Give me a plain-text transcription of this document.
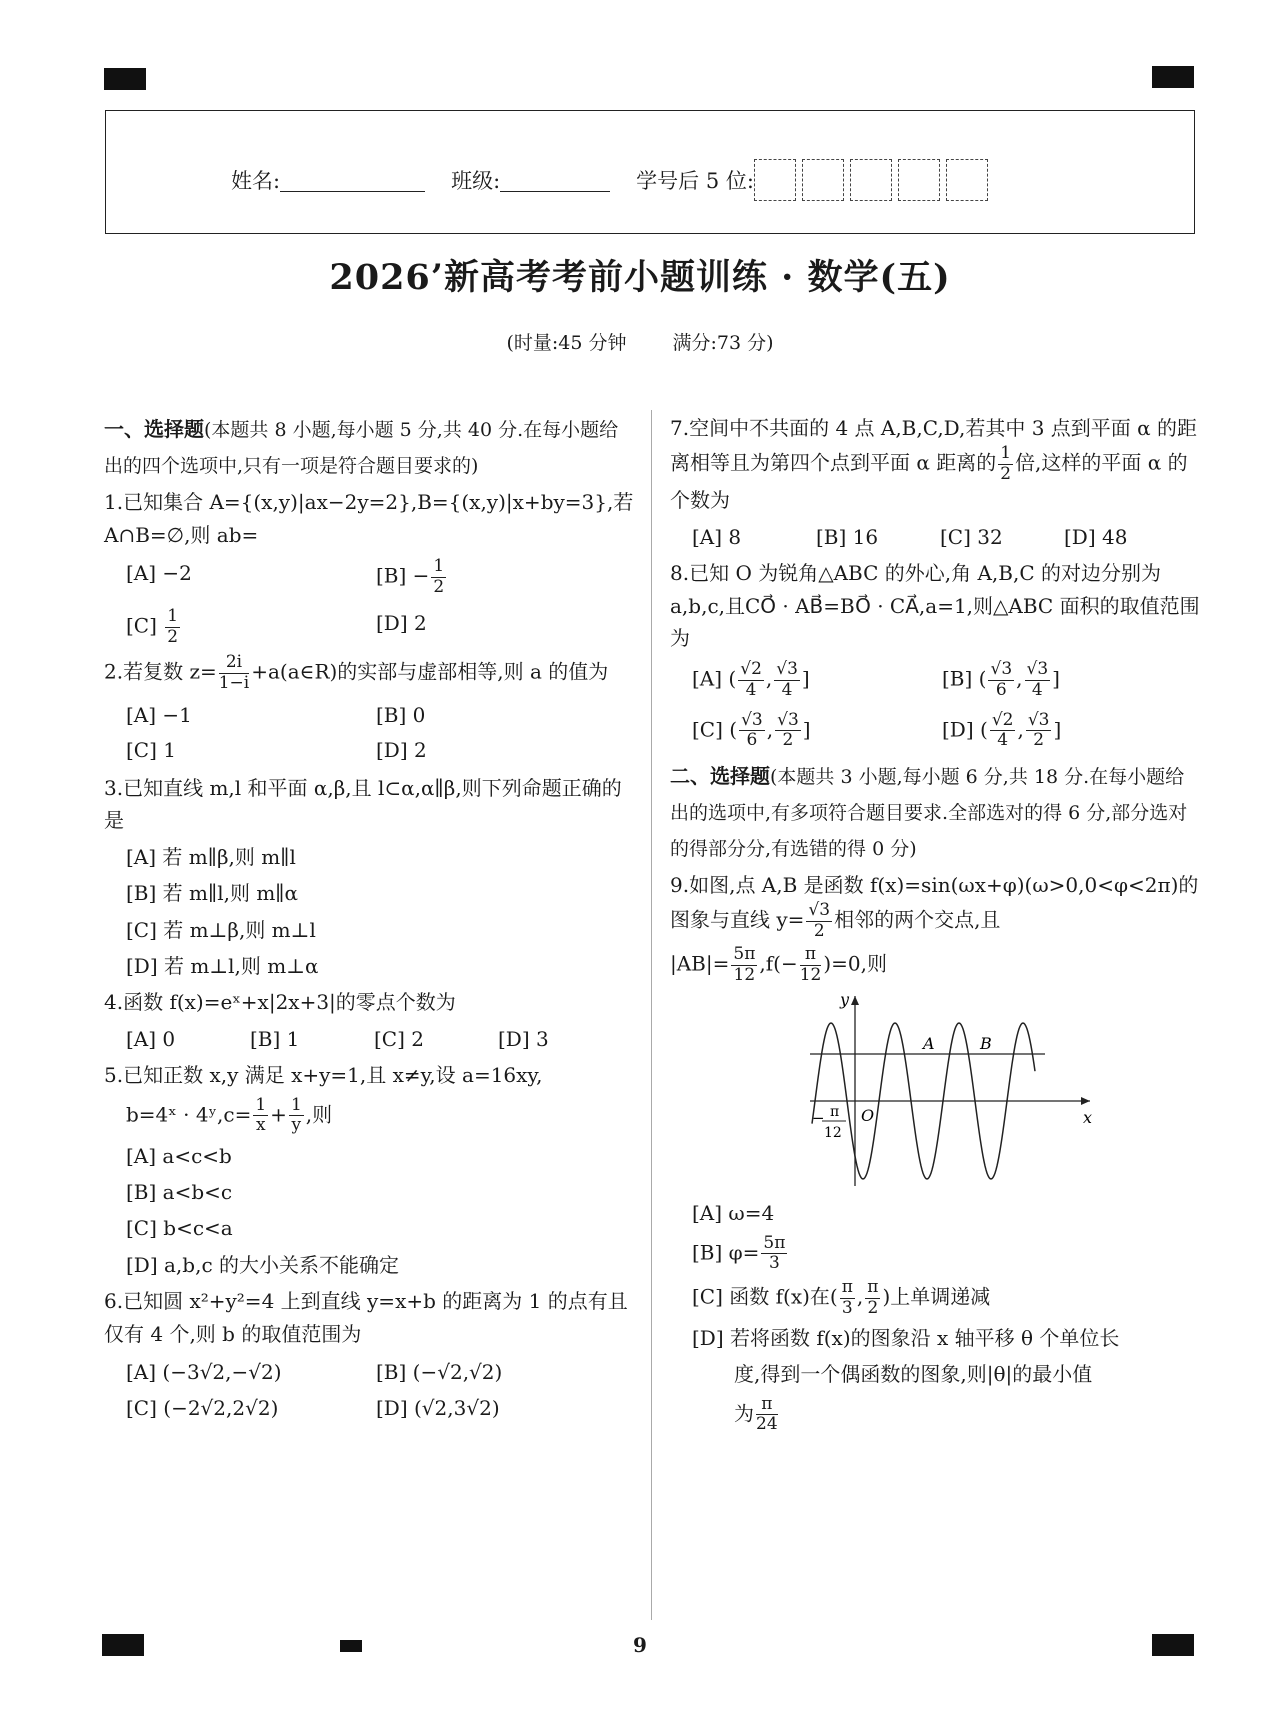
姓名:	班级:	学号后 5 位:
2026’新高考考前小题训练 · 数学(五)
(时量:45 分钟 满分:73 分)
一、选择题(本题共 8 小题,每小题 5 分,共 40 分.在每小题给出的四个选项中,只有一项是符合题目要求的)
1.已知集合 A={(x,y)|ax−2y=2},B={(x,y)|x+by=3},若 A∩B=∅,则 ab=
[A] −2	$[B] - \frac{1}{2}$
$[C] \frac{1}{2}$	[D] 2
2.若复数 $z= \frac{2i}{1-i}$ +a(a∈R)的实部与虚部相等,则 a 的值为
[A] −1	[B] 0
[C] 1	[D] 2
3.已知直线 m,l 和平面 α,β,且 l⊂α,α∥β,则下列命题正确的是
[A] 若 m∥β,则 m∥l
[B] 若 m∥l,则 m∥α
[C] 若 m⊥β,则 m⊥l
[D] 若 m⊥l,则 m⊥α
4.函数 f(x)=eˣ+x|2x+3|的零点个数为
[A] 0	[B] 1	[C] 2	[D] 3
5.已知正数 x,y 满足 x+y=1,且 x≠y,设 a=16xy,
b=4ˣ · 4ʸ,c= $\frac{1}{x} + \frac{1}{y}$ ,则
[A] a<c<b
[B] a<b<c
[C] b<c<a
[D] a,b,c 的大小关系不能确定
6.已知圆 x²+y²=4 上到直线 y=x+b 的距离为 1 的点有且仅有 4 个,则 b 的取值范围为
[A] (−3√2,−√2)	[B] (−√2,√2)
[C] (−2√2,2√2)	[D] (√2,3√2)
7.空间中不共面的 4 点 A,B,C,D,若其中 3 点到平面 α 的距离相等且为第四个点到平面 α 距离的 $\frac{1}{2}$ 倍,这样的平面 α 的个数为
[A] 8	[B] 16	[C] 32	[D] 48
8.已知 O 为锐角△ABC 的外心,角 A,B,C 的对边分别为 a,b,c,且CO⃗ · AB⃗=BO⃗ · CA⃗,a=1,则△ABC 面积的取值范围为
[A] ( $\frac{√2}{4}$ , $\frac{√3}{4}$ ]	[B] ( $\frac{√3}{6}$ , $\frac{√3}{4}$ ]
[C] ( $\frac{√3}{6}$ , $\frac{√3}{2}$ ]	[D] ( $\frac{√2}{4}$ , $\frac{√3}{2}$ ]
二、选择题(本题共 3 小题,每小题 6 分,共 18 分.在每小题给出的选项中,有多项符合题目要求.全部选对的得 6 分,部分选对的得部分分,有选错的得 0 分)
9.如图,点 A,B 是函数 f(x)=sin(ωx+φ)(ω>0,0<φ<2π)的图象与直线 $y= \frac{√3}{2}$ 相邻的两个交点,且
$|AB|= \frac{5\pi}{12} ,f(- \frac{\pi}{12} )=0$,则
y
x
O
A	B
− π
12
[A] ω=4
[B] $\varphi= \frac{5\pi}{3}$
[C] 函数 f(x)在( $\frac{\pi}{3}$ , $\frac{\pi}{2}$ )上单调递减
[D] 若将函数 f(x)的图象沿 x 轴平移 θ 个单位长
度,得到一个偶函数的图象,则|θ|的最小值
为 $\frac{\pi}{24}$
9
